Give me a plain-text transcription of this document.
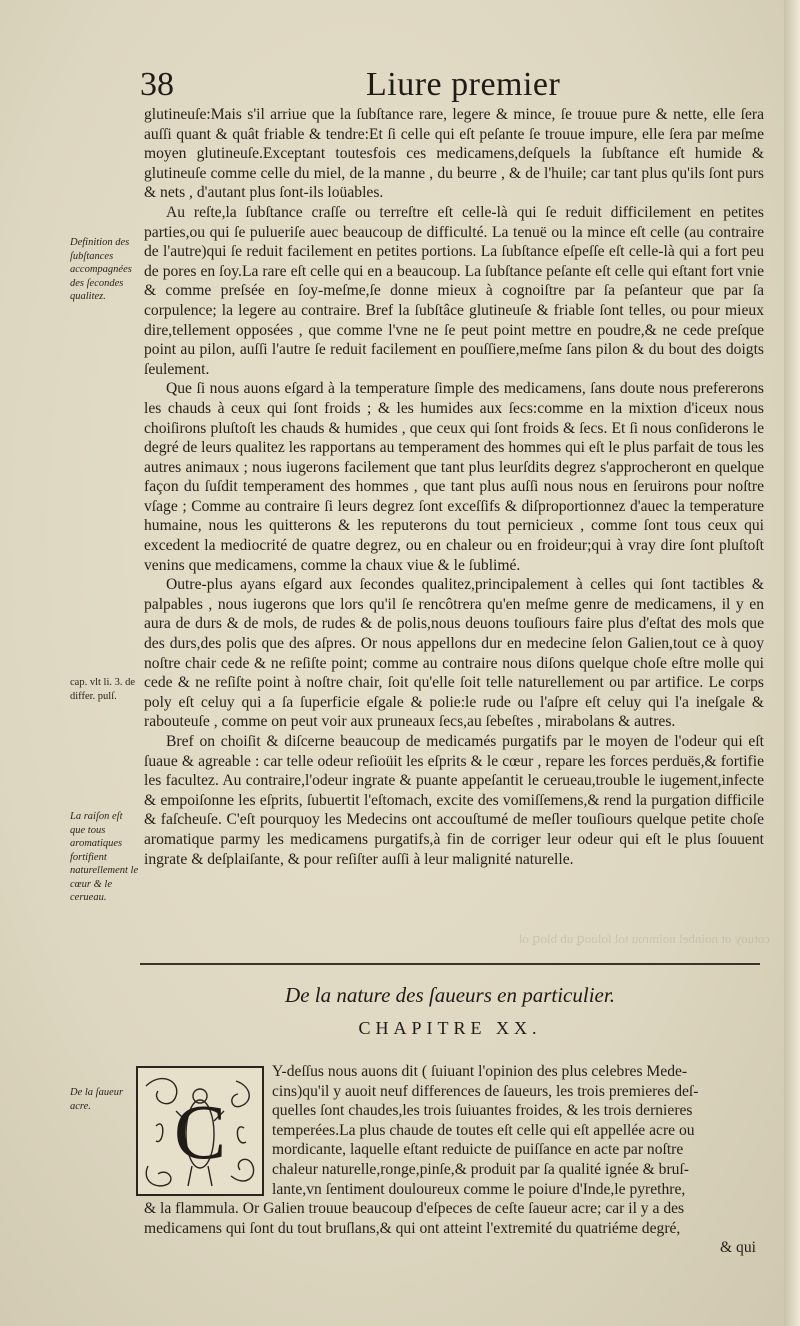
38	Liure premier

glutineuſe:Mais s'il arriue que la ſubſtance rare, legere & mince, ſe trouue pure & nette, elle ſera auſſi quant & quât friable & tendre:Et ſi celle qui eſt peſante ſe trouue impure, elle ſera par meſme moyen glutineuſe.Exceptant toutesfois ces medicamens,deſquels la ſubſtance eſt humide & glutineuſe comme celle du miel, de la manne , du beurre , & de l'huile; car tant plus qu'ils ſont purs & nets , d'autant plus ſont-ils loüables.

Au reſte,la ſubſtance craſſe ou terreſtre eſt celle-là qui ſe reduit difficilement en petites parties,ou qui ſe pulueriſe auec beaucoup de difficulté. La tenuë ou la mince eſt celle (au contraire de l'autre)qui ſe reduit facilement en petites portions. La ſubſtance eſpeſſe eſt celle-là qui a fort peu de pores en ſoy.La rare eſt celle qui en a beaucoup. La ſubſtance peſante eſt celle qui eſtant fort vnie & comme preſsée en ſoy-meſme,ſe donne mieux à cognoiſtre par ſa peſanteur que par ſa corpulence; la legere au contraire. Bref la ſubſtâce glutineuſe & friable ſont telles, ou pour mieux dire,tellement opposées , que comme l'vne ne ſe peut point mettre en poudre,& ne cede preſque point au pilon, auſſi l'autre ſe reduit facilement en pouſſiere,meſme ſans pilon & du bout des doigts ſeulement.

Que ſi nous auons eſgard à la temperature ſimple des medicamens, ſans doute nous prefererons les chauds à ceux qui ſont froids ; & les humides aux ſecs:comme en la mixtion d'iceux nous choiſirons pluſtoſt les chauds & humides , que ceux qui ſont froids & ſecs. Et ſi nous conſiderons le degré de leurs qualitez les rapportans au temperament des hommes qui eſt le plus parfait de tous les autres animaux ; nous iugerons facilement que tant plus leurſdits degrez s'approcheront en quelque façon du ſuſdit temperament des hommes , que tant plus auſſi nous nous en ſeruirons pour noſtre vſage ; Comme au contraire ſi leurs degrez ſont exceſſifs & diſproportionnez d'auec la temperature humaine, nous les quitterons & les reputerons du tout pernicieux , comme ſont tous ceux qui excedent la mediocrité de quatre degrez, ou en chaleur ou en froideur;qui à vray dire ſont pluſtoſt venins que medicamens, comme la chaux viue & le ſublimé.

Outre-plus ayans eſgard aux ſecondes qualitez,principalement à celles qui ſont tactibles & palpables , nous iugerons que lors qu'il ſe rencôtrera qu'en meſme genre de medicamens, il y en aura de durs & de mols, de rudes & de polis,nous deuons touſiours faire plus d'eſtat des mols que des durs,des polis que des aſpres. Or nous appellons dur en medecine ſelon Galien,tout ce à quoy noſtre chair cede & ne reſiſte point; comme au contraire nous diſons quelque choſe eſtre molle qui cede & ne reſiſte point à noſtre chair, ſoit qu'elle ſoit telle naturellement ou par artifice. Le corps poly eſt celuy qui a ſa ſuperficie eſgale & polie:le rude ou l'aſpre eſt celuy qui l'a ineſgale & rabouteuſe , comme on peut voir aux pruneaux ſecs,au ſebeſtes , mirabolans & autres.

Bref on choiſit & diſcerne beaucoup de medicamés purgatifs par le moyen de l'odeur qui eſt ſuaue & agreable : car telle odeur reſioüit les eſprits & le cœur , repare les forces perduës,& fortifie les facultez. Au contraire,l'odeur ingrate & puante appeſantit le cerueau,trouble le iugement,infecte & empoiſonne les eſprits, ſubuertit l'eſtomach, excite des vomiſſemens,& rend la purgation difficile & faſcheuſe. C'eſt pourquoy les Medecins ont accouſtumé de meſler touſiours quelque petite choſe aromatique parmy les medicamens purgatifs,à fin de corriger leur odeur qui eſt le plus ſouuent ingrate & deſplaiſante, & pour reſiſter auſſi à leur malignité naturelle.

Definition des ſubſtances accompagnées des ſecondes qualitez.
cap. vlt li. 3. de differ. pulſ.
La raiſon eſt que tous aromatiques fortifient naturellement le cœur & le cerueau.
De la ſaueur acre.
cotuoy ot noinbel noimrou tol ſoluoꝗ ub bloꝗ ol
De la nature des ſaueurs en particulier.
CHAPITRE XX.
C

Y-deſſus nous auons dit ( ſuiuant l'opinion des plus celebres Mede-

cins)qu'il y auoit neuf differences de ſaueurs, les trois premieres deſ-

quelles ſont chaudes,les trois ſuiuantes froides, & les trois dernieres

temperées.La plus chaude de toutes eſt celle qui eſt appellée acre ou

mordicante, laquelle eſtant reduicte de puiſſance en acte par noſtre

chaleur naturelle,ronge,pinſe,& produit par ſa qualité ignée & bruſ-

lante,vn ſentiment douloureux comme le poiure d'Inde,le pyrethre,

& la flammula. Or Galien trouue beaucoup d'eſpeces de ceſte ſaueur acre; car il y a des

medicamens qui ſont du tout bruſlans,& qui ont atteint l'extremité du quatriéme degré,

& qui
